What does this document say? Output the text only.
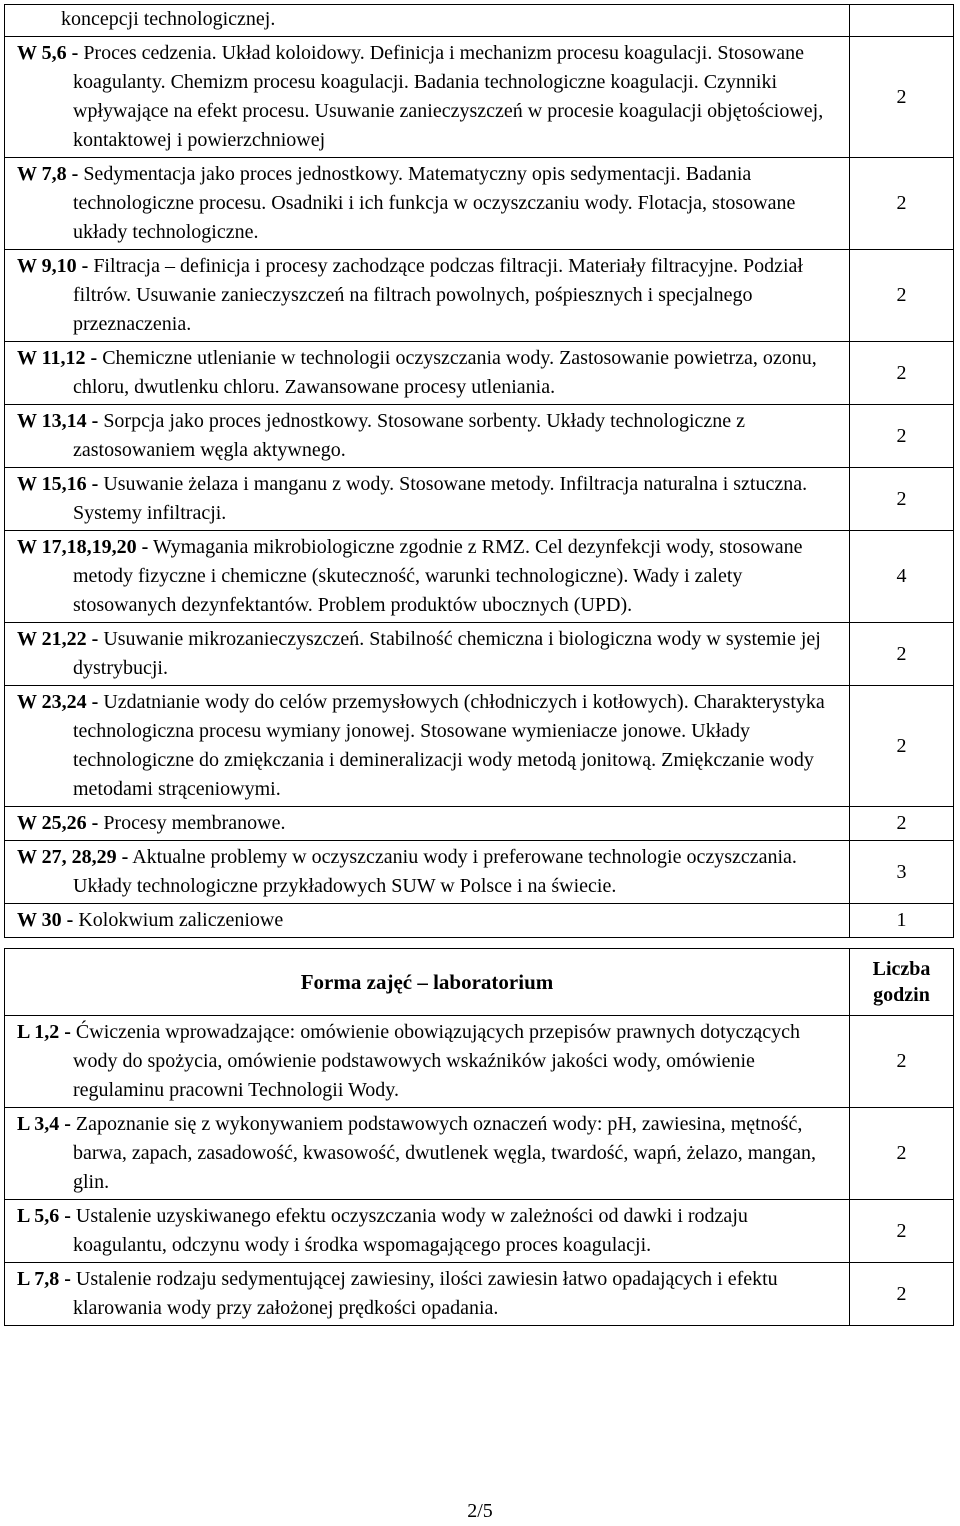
koncepcji technologicznej.	

W 5,6 - Proces cedzenia. Układ koloidowy. Definicja i mechanizm procesu koagulacji. Stosowane koagulanty. Chemizm procesu koagulacji. Badania technologiczne koagulacji. Czynniki wpływające na efekt procesu. Usuwanie zanieczyszczeń w procesie koagulacji objętościowej, kontaktowej i powierzchniowej	2

W 7,8 - Sedymentacja jako proces jednostkowy. Matematyczny opis sedymentacji. Badania technologiczne procesu. Osadniki i ich funkcja w oczyszczaniu wody. Flotacja, stosowane układy technologiczne.	2

W 9,10 - Filtracja – definicja i procesy zachodzące podczas filtracji. Materiały filtracyjne. Podział filtrów. Usuwanie zanieczyszczeń na filtrach powolnych, pośpiesznych i specjalnego przeznaczenia.	2

W 11,12 - Chemiczne utlenianie w technologii oczyszczania wody. Zastosowanie powietrza, ozonu, chloru, dwutlenku chloru. Zawansowane procesy utleniania.	2

W 13,14 - Sorpcja jako proces jednostkowy. Stosowane sorbenty. Układy technologiczne z zastosowaniem węgla aktywnego.	2

W 15,16 - Usuwanie żelaza i manganu z wody. Stosowane metody. Infiltracja naturalna i sztuczna. Systemy infiltracji.	2

W 17,18,19,20 - Wymagania mikrobiologiczne zgodnie z RMZ. Cel dezynfekcji wody, stosowane metody fizyczne i chemiczne (skuteczność, warunki technologiczne). Wady i zalety stosowanych dezynfektantów. Problem produktów ubocznych (UPD).	4

W 21,22 - Usuwanie mikrozanieczyszczeń. Stabilność chemiczna i biologiczna wody w systemie jej dystrybucji.	2

W 23,24 - Uzdatnianie wody do celów przemysłowych (chłodniczych i kotłowych). Charakterystyka technologiczna procesu wymiany jonowej. Stosowane wymieniacze jonowe. Układy technologiczne do zmiękczania i demineralizacji wody metodą jonitową. Zmiękczanie wody metodami strąceniowymi.	2

W 25,26 - Procesy membranowe.	2

W 27, 28,29 - Aktualne problemy w oczyszczaniu wody i preferowane technologie oczyszczania. Układy technologiczne przykładowych SUW w Polsce i na świecie.	3

W 30 - Kolokwium zaliczeniowe	1

Forma zajęć – laboratorium	Liczba
godzin

L 1,2 - Ćwiczenia wprowadzające: omówienie obowiązujących przepisów prawnych dotyczących wody do spożycia, omówienie podstawowych wskaźników jakości wody, omówienie regulaminu pracowni Technologii Wody.	2

L 3,4 - Zapoznanie się z wykonywaniem podstawowych oznaczeń wody: pH, zawiesina, mętność, barwa, zapach, zasadowość, kwasowość, dwutlenek węgla, twardość, wapń, żelazo, mangan, glin.	2

L 5,6 - Ustalenie uzyskiwanego efektu oczyszczania wody w zależności od dawki i rodzaju koagulantu, odczynu wody i środka wspomagającego proces koagulacji.	2

L 7,8 - Ustalenie rodzaju sedymentującej zawiesiny, ilości zawiesin łatwo opadających i efektu klarowania wody przy założonej prędkości opadania.	2
2/5
